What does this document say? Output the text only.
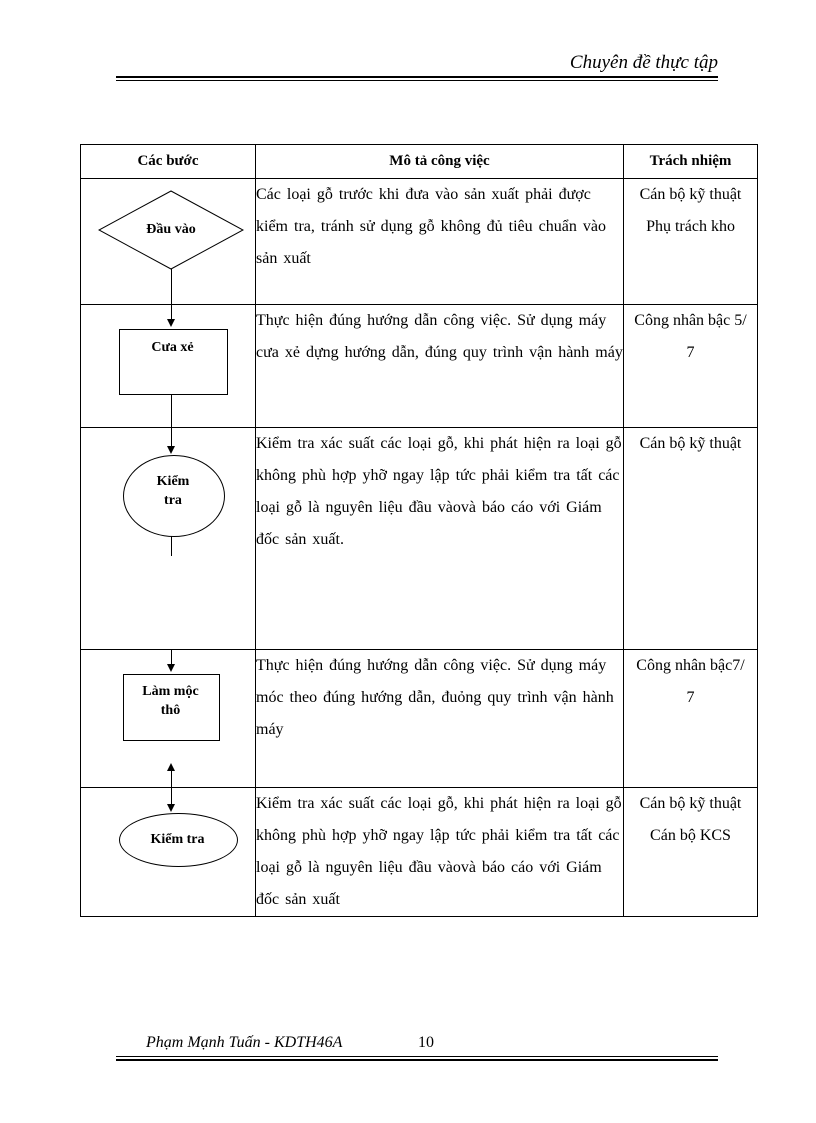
Chuyên đề thực tập
Các bước	Mô tả công việc	Trách nhiệm

Đầu vào	Các loại gỗ trước khi đưa vào sản xuất phải được kiểm tra, tránh sử dụng gỗ không đủ tiêu chuẩn vào sản xuất	Cán bộ kỹ thuật
Phụ trách kho

Cưa xẻ	Thực hiện đúng hướng dẫn công việc. Sử dụng máy cưa xẻ dựng hướng dẫn, đúng quy trình vận hành máy	Công nhân bậc 5/ 7

Kiểm
tra	Kiểm tra xác suất các loại gỗ, khi phát hiện ra loại gỗ không phù hợp yhỡ ngay lập tức phải kiểm tra tất các loại gỗ là nguyên liệu đầu vàovà báo cáo với Giám đốc sản xuất.	Cán bộ kỹ thuật

Làm mộc
thô	Thực hiện đúng hướng dẫn công việc. Sử dụng máy móc theo đúng hướng dẫn, đuỏng quy trình vận hành máy	Công nhân bậc7/ 7

Kiểm tra	Kiểm tra xác suất các loại gỗ, khi phát hiện ra loại gỗ không phù hợp yhỡ ngay lập tức phải kiểm tra tất các loại gỗ là nguyên liệu đầu vàovà báo cáo với Giám đốc sản xuất	Cán bộ kỹ thuật
Cán bộ KCS
Phạm Mạnh Tuấn - KDTH46A	10
